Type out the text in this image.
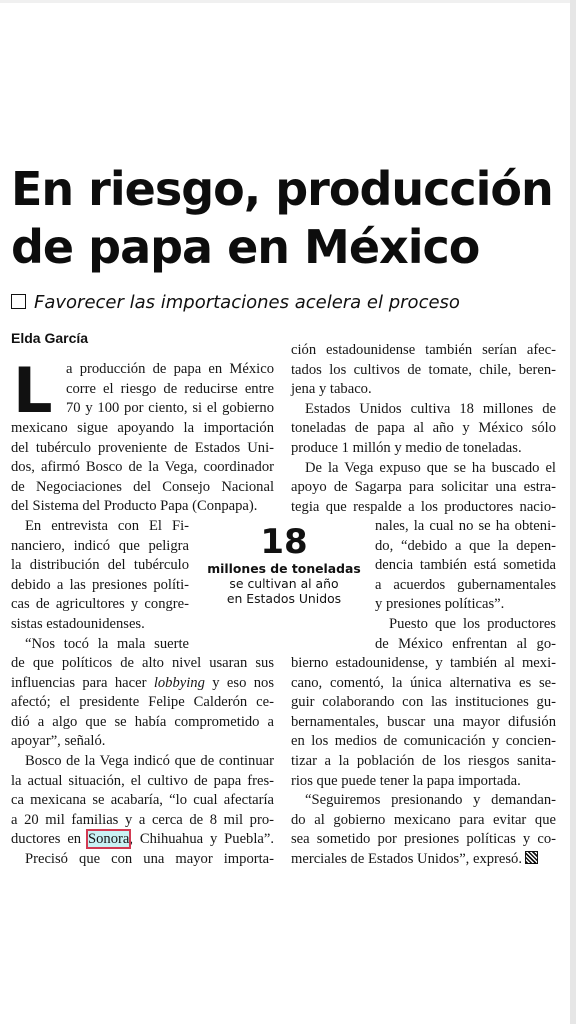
En riesgo, producción
de papa en México
Favorecer las importaciones acelera el proceso
Elda García
L a producción de papa en México

corre el riesgo de reducirse entre

70 y 100 por ciento, si el gobierno

mexicano sigue apoyando la importación

del tubérculo proveniente de Estados Uni-

dos, afirmó Bosco de la Vega, coordinador

de Negociaciones del Consejo Nacional

del Sistema del Producto Papa (Conpapa).

En entrevista con El Fi-

nanciero, indicó que peligra

la distribución del tubérculo

debido a las presiones políti-

cas de agricultores y congre-

sistas estadounidenses.

“Nos tocó la mala suerte

de que políticos de alto nivel usaran sus

influencias para hacer lobbying y eso nos

afectó; el presidente Felipe Calderón ce-

dió a algo que se había comprometido a

apoyar”, señaló.

Bosco de la Vega indicó que de continuar

la actual situación, el cultivo de papa fres-

ca mexicana se acabaría, “lo cual afectaría

a 20 mil familias y a cerca de 8 mil pro-

ductores en Sonora, Chihuahua y Puebla”.

Precisó que con una mayor importa-

18
millones de toneladas
se cultivan al año
en Estados Unidos

ción estadounidense también serían afec-

tados los cultivos de tomate, chile, beren-

jena y tabaco.

Estados Unidos cultiva 18 millones de

toneladas de papa al año y México sólo

produce 1 millón y medio de toneladas.

De la Vega expuso que se ha buscado el

apoyo de Sagarpa para solicitar una estra-

tegia que respalde a los productores nacio-

nales, la cual no se ha obteni-

do, “debido a que la depen-

dencia también está sometida

a acuerdos gubernamentales

y presiones políticas”.

Puesto que los productores

de México enfrentan al go-

bierno estadounidense, y también al mexi-

cano, comentó, la única alternativa es se-

guir colaborando con las instituciones gu-

bernamentales, buscar una mayor difusión

en los medios de comunicación y concien-

tizar a la población de los riesgos sanita-

rios que puede tener la papa importada.

“Seguiremos presionando y demandan-

do al gobierno mexicano para evitar que

sea sometido por presiones políticas y co-

merciales de Estados Unidos”, expresó.
